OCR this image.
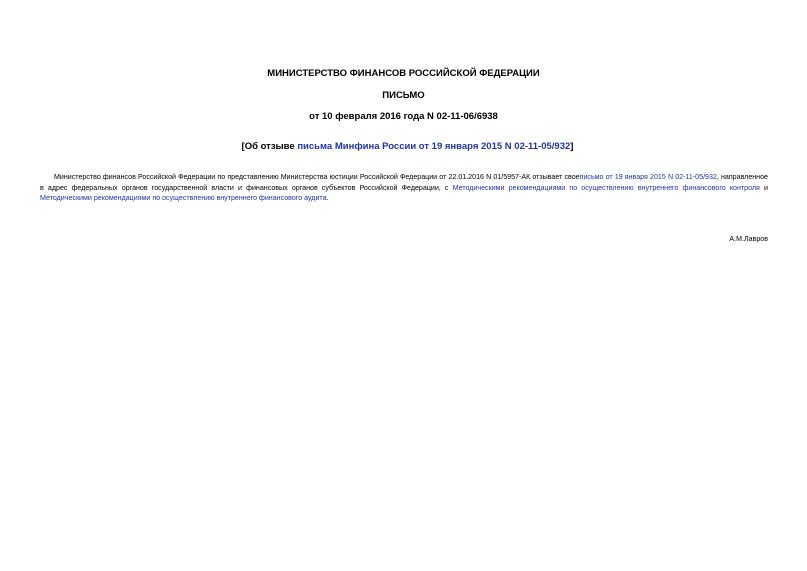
МИНИСТЕРСТВО ФИНАНСОВ РОССИЙСКОЙ ФЕДЕРАЦИИ
ПИСЬМО
от 10 февраля 2016 года N 02-11-06/6938
[Об отзыве письма Минфина России от 19 января 2015 N 02-11-05/932]

Министерство финансов Российской Федерации по представлению Министерства юстиции Российской Федерации от 22.01.2016 N 01/5957-АК отзывает своеписьмо от 19 января 2015 N 02-11-05/932, направленное в адрес федеральных органов государственной власти и финансовых органов субъектов Российской Федерации, с Методическими рекомендациями по осуществлению внутреннего финансового контроля и Методическими рекомендациями по осуществлению внутреннего финансового аудита.

А.М.Лавров
